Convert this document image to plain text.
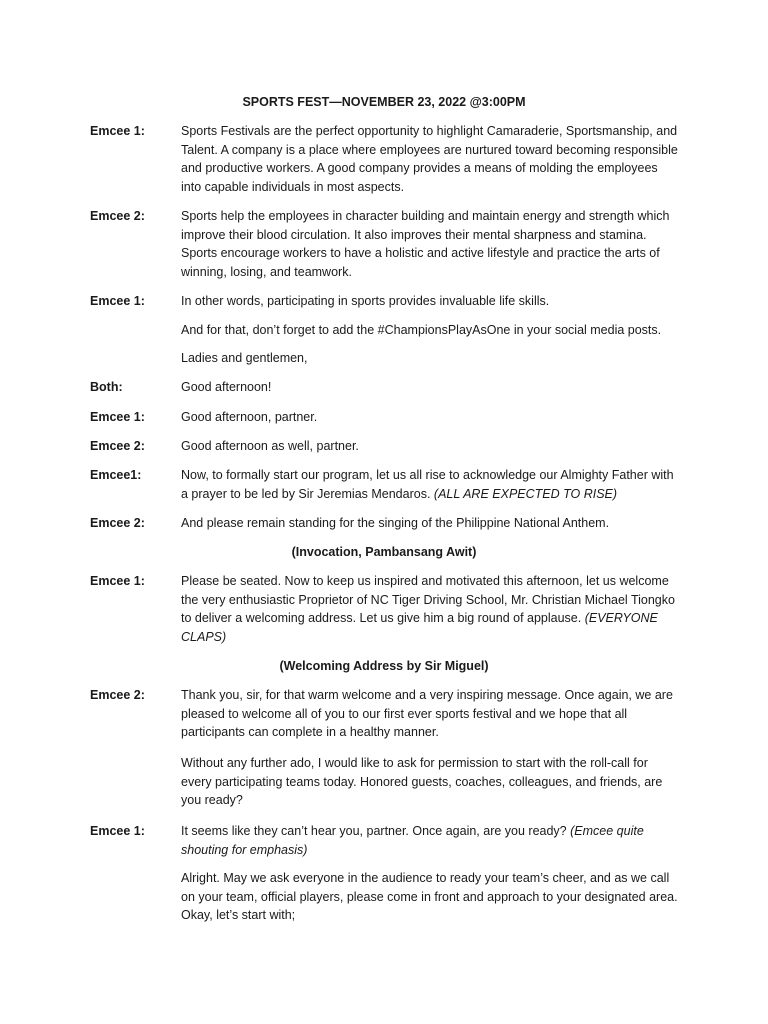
SPORTS FEST—NOVEMBER 23, 2022 @3:00PM
Emcee 1:	Sports Festivals are the perfect opportunity to highlight Camaraderie, Sportsmanship, and Talent. A company is a place where employees are nurtured toward becoming responsible and productive workers. A good company provides a means of molding the employees into capable individuals in most aspects.
Emcee 2:	Sports help the employees in character building and maintain energy and strength which improve their blood circulation. It also improves their mental sharpness and stamina. Sports encourage workers to have a holistic and active lifestyle and practice the arts of winning, losing, and teamwork.
Emcee 1:	In other words, participating in sports provides invaluable life skills.
And for that, don’t forget to add the #ChampionsPlayAsOne in your social media posts.
Ladies and gentlemen,
Both:	Good afternoon!
Emcee 1:	Good afternoon, partner.
Emcee 2:	Good afternoon as well, partner.
Emcee1:	Now, to formally start our program, let us all rise to acknowledge our Almighty Father with a prayer to be led by Sir Jeremias Mendaros. (ALL ARE EXPECTED TO RISE)
Emcee 2:	And please remain standing for the singing of the Philippine National Anthem.
(Invocation, Pambansang Awit)
Emcee 1:	Please be seated. Now to keep us inspired and motivated this afternoon, let us welcome the very enthusiastic Proprietor of NC Tiger Driving School, Mr. Christian Michael Tiongko to deliver a welcoming address. Let us give him a big round of applause. (EVERYONE CLAPS)
(Welcoming Address by Sir Miguel)
Emcee 2:	Thank you, sir, for that warm welcome and a very inspiring message. Once again, we are pleased to welcome all of you to our first ever sports festival and we hope that all participants can complete in a healthy manner.
Without any further ado, I would like to ask for permission to start with the roll-call for every participating teams today. Honored guests, coaches, colleagues, and friends, are you ready?
Emcee 1:	It seems like they can’t hear you, partner. Once again, are you ready? (Emcee quite shouting for emphasis)
Alright. May we ask everyone in the audience to ready your team’s cheer, and as we call on your team, official players, please come in front and approach to your designated area. Okay, let’s start with;
